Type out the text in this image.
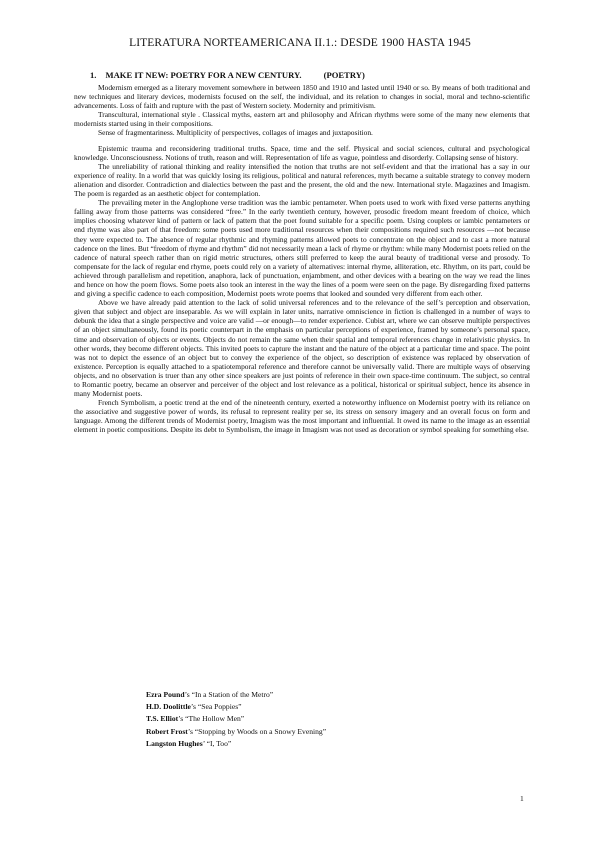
LITERATURA NORTEAMERICANA II.1.: DESDE 1900 HASTA 1945
1. MAKE IT NEW: POETRY FOR A NEW CENTURY.	(POETRY)

Modernism emerged as a literary movement somewhere in between 1850 and 1910 and lasted until 1940 or so. By means of both traditional and new techniques and literary devices, modernists focused on the self, the individual, and its relation to changes in social, moral and techno-scientific advancements. Loss of faith and rupture with the past of Western society. Modernity and primitivism.

Transcultural, international style . Classical myths, eastern art and philosophy and African rhythms were some of the many new elements that modernists started using in their compositions.

Sense of fragmentariness. Multiplicity of perspectives, collages of images and juxtaposition.

Epistemic trauma and reconsidering traditional truths. Space, time and the self. Physical and social sciences, cultural and psychological knowledge. Unconsciousness. Notions of truth, reason and will. Representation of life as vague, pointless and disorderly. Collapsing sense of history.

The unreliability of rational thinking and reality intensified the notion that truths are not self-evident and that the irrational has a say in our experience of reality. In a world that was quickly losing its religious, political and natural references, myth became a suitable strategy to convey modern alienation and disorder. Contradiction and dialectics between the past and the present, the old and the new. International style. Magazines and Imagism. The poem is regarded as an aesthetic object for contemplation.

The prevailing meter in the Anglophone verse tradition was the iambic pentameter. When poets used to work with fixed verse patterns anything falling away from those patterns was considered “free.” In the early twentieth century, however, prosodic freedom meant freedom of choice, which implies choosing whatever kind of pattern or lack of pattern that the poet found suitable for a specific poem. Using couplets or iambic pentameters or end rhyme was also part of that freedom: some poets used more traditional resources when their compositions required such resources —not because they were expected to. The absence of regular rhythmic and rhyming patterns allowed poets to concentrate on the object and to cast a more natural cadence on the lines. But “freedom of rhyme and rhythm” did not necessarily mean a lack of rhyme or rhythm: while many Modernist poets relied on the cadence of natural speech rather than on rigid metric structures, others still preferred to keep the aural beauty of traditional verse and prosody. To compensate for the lack of regular end rhyme, poets could rely on a variety of alternatives: internal rhyme, alliteration, etc. Rhythm, on its part, could be achieved through parallelism and repetition, anaphora, lack of punctuation, enjambment, and other devices with a bearing on the way we read the lines and hence on how the poem flows. Some poets also took an interest in the way the lines of a poem were seen on the page. By disregarding fixed patterns and giving a specific cadence to each composition, Modernist poets wrote poems that looked and sounded very different from each other.

Above we have already paid attention to the lack of solid universal references and to the relevance of the self’s perception and observation, given that subject and object are inseparable. As we will explain in later units, narrative omniscience in fiction is challenged in a number of ways to debunk the idea that a single perspective and voice are valid —or enough—to render experience. Cubist art, where we can observe multiple perspectives of an object simultaneously, found its poetic counterpart in the emphasis on particular perceptions of experience, framed by someone’s personal space, time and observation of objects or events. Objects do not remain the same when their spatial and temporal references change in relativistic physics. In other words, they become different objects. This invited poets to capture the instant and the nature of the object at a particular time and space. The point was not to depict the essence of an object but to convey the experience of the object, so description of existence was replaced by observation of existence. Perception is equally attached to a spatiotemporal reference and therefore cannot be universally valid. There are multiple ways of observing objects, and no observation is truer than any other since speakers are just points of reference in their own space-time continuum. The subject, so central to Romantic poetry, became an observer and perceiver of the object and lost relevance as a political, historical or spiritual subject, hence its absence in many Modernist poets.

French Symbolism, a poetic trend at the end of the nineteenth century, exerted a noteworthy influence on Modernist poetry with its reliance on the associative and suggestive power of words, its refusal to represent reality per se, its stress on sensory imagery and an overall focus on form and language. Among the different trends of Modernist poetry, Imagism was the most important and influential. It owed its name to the image as an essential element in poetic compositions. Despite its debt to Symbolism, the image in Imagism was not used as decoration or symbol speaking for something else.

Ezra Pound’s “In a Station of the Metro”
H.D. Doolittle’s “Sea Poppies”
T.S. Elliot’s “The Hollow Men”
Robert Frost’s “Stopping by Woods on a Snowy Evening”
Langston Hughes’ “I, Too”
1
